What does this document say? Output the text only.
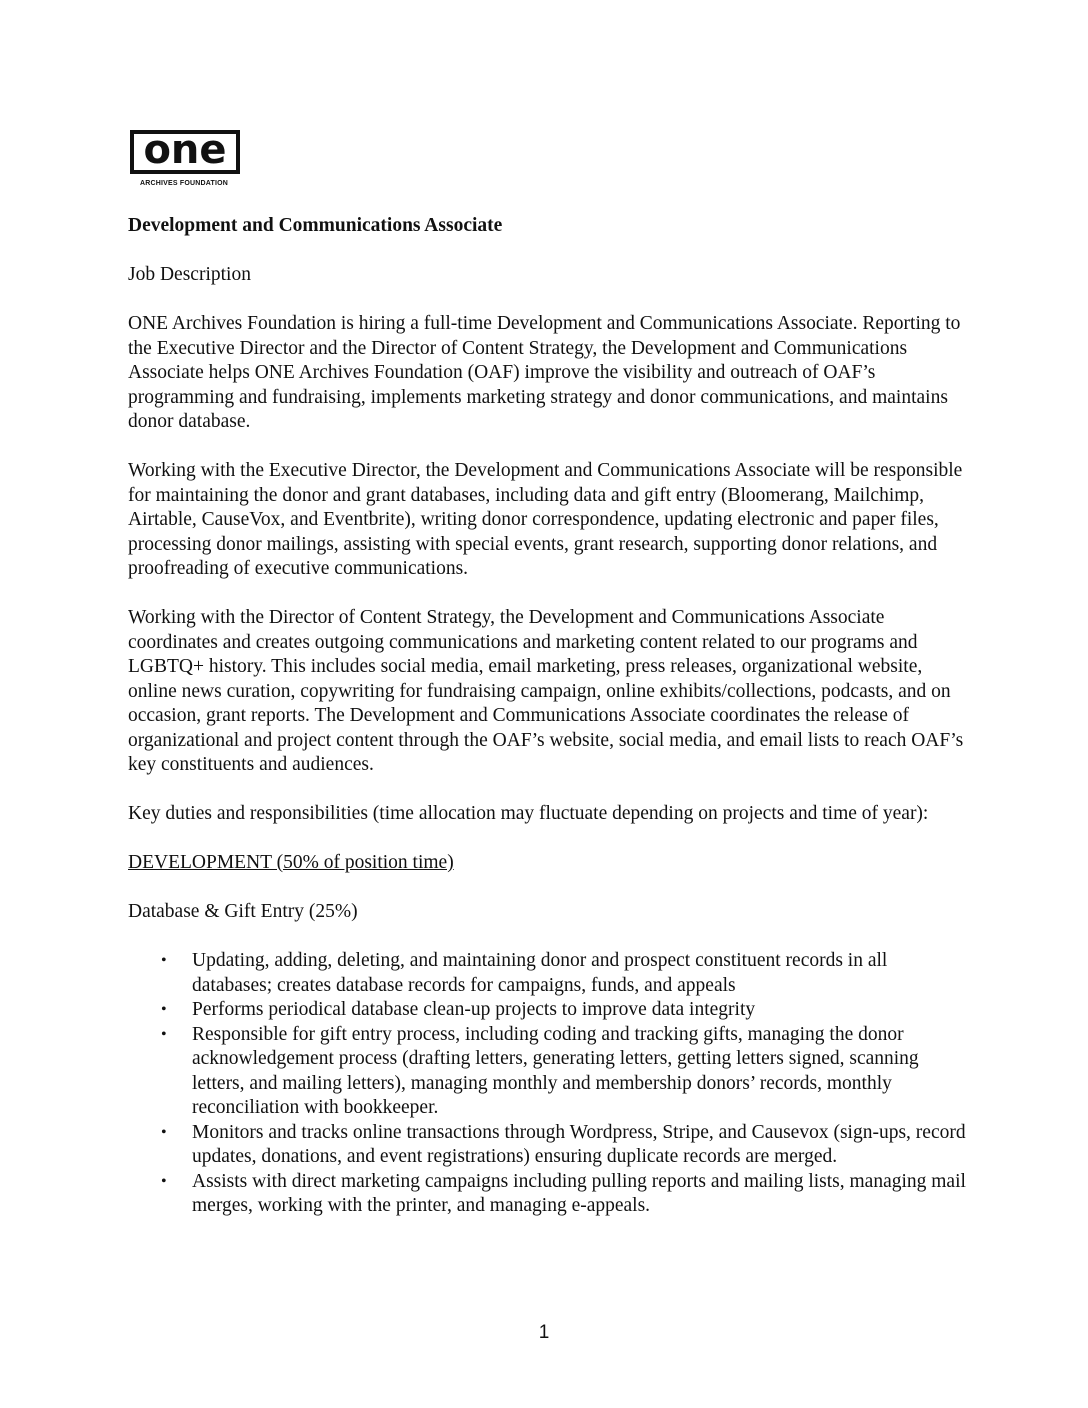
one
ARCHIVES FOUNDATION

Development and Communications Associate

Job Description

ONE Archives Foundation is hiring a full-time Development and Communications Associate. Reporting to the Executive Director and the Director of Content Strategy, the Development and Communications Associate helps ONE Archives Foundation (OAF) improve the visibility and outreach of OAF’s programming and fundraising, implements marketing strategy and donor communications, and maintains donor database.

Working with the Executive Director, the Development and Communications Associate will be responsible for maintaining the donor and grant databases, including data and gift entry (Bloomerang, Mailchimp, Airtable, CauseVox, and Eventbrite), writing donor correspondence, updating electronic and paper files, processing donor mailings, assisting with special events, grant research, supporting donor relations, and proofreading of executive communications.

Working with the Director of Content Strategy, the Development and Communications Associate coordinates and creates outgoing communications and marketing content related to our programs and LGBTQ+ history. This includes social media, email marketing, press releases, organizational website, online news curation, copywriting for fundraising campaign, online exhibits/collections, podcasts, and on occasion, grant reports. The Development and Communications Associate coordinates the release of organizational and project content through the OAF’s website, social media, and email lists to reach OAF’s key constituents and audiences.

Key duties and responsibilities (time allocation may fluctuate depending on projects and time of year):

DEVELOPMENT (50% of position time)

Database & Gift Entry (25%)

• Updating, adding, deleting, and maintaining donor and prospect constituent records in all databases; creates database records for campaigns, funds, and appeals
• Performs periodical database clean-up projects to improve data integrity
• Responsible for gift entry process, including coding and tracking gifts, managing the donor acknowledgement process (drafting letters, generating letters, getting letters signed, scanning letters, and mailing letters), managing monthly and membership donors’ records, monthly reconciliation with bookkeeper.
• Monitors and tracks online transactions through Wordpress, Stripe, and Causevox (sign-ups, record updates, donations, and event registrations) ensuring duplicate records are merged.
• Assists with direct marketing campaigns including pulling reports and mailing lists, managing mail merges, working with the printer, and managing e-appeals.
1
